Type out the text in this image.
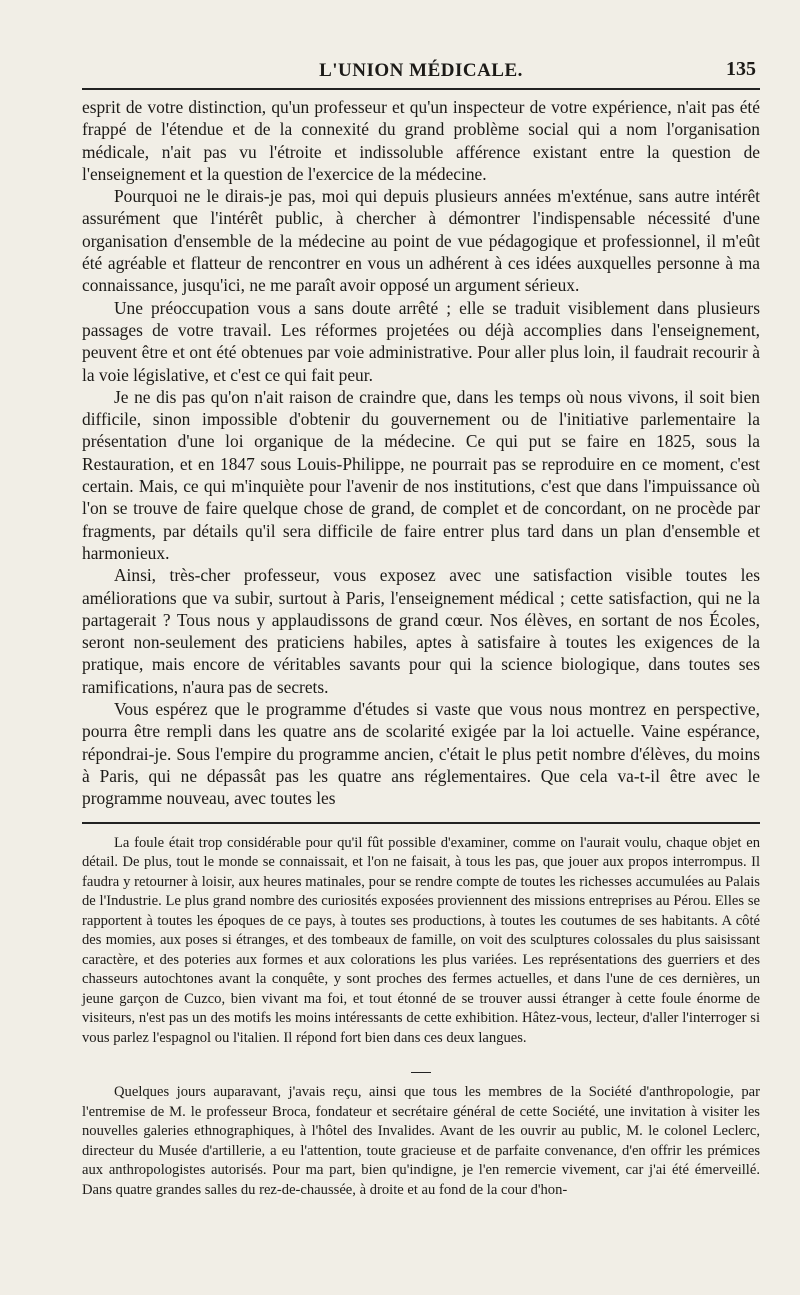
L'UNION MÉDICALE.	135

esprit de votre distinction, qu'un professeur et qu'un inspecteur de votre expérience, n'ait pas été frappé de l'étendue et de la connexité du grand problème social qui a nom l'organisation médicale, n'ait pas vu l'étroite et indissoluble afférence existant entre la question de l'enseignement et la question de l'exercice de la médecine.

Pourquoi ne le dirais-je pas, moi qui depuis plusieurs années m'exténue, sans autre intérêt assurément que l'intérêt public, à chercher à démontrer l'indispensable nécessité d'une organisation d'ensemble de la médecine au point de vue pédagogique et professionnel, il m'eût été agréable et flatteur de rencontrer en vous un adhérent à ces idées auxquelles personne à ma connaissance, jusqu'ici, ne me paraît avoir opposé un argument sérieux.

Une préoccupation vous a sans doute arrêté ; elle se traduit visiblement dans plusieurs passages de votre travail. Les réformes projetées ou déjà accomplies dans l'enseignement, peuvent être et ont été obtenues par voie administrative. Pour aller plus loin, il faudrait recourir à la voie législative, et c'est ce qui fait peur.

Je ne dis pas qu'on n'ait raison de craindre que, dans les temps où nous vivons, il soit bien difficile, sinon impossible d'obtenir du gouvernement ou de l'initiative parlementaire la présentation d'une loi organique de la médecine. Ce qui put se faire en 1825, sous la Restauration, et en 1847 sous Louis-Philippe, ne pourrait pas se reproduire en ce moment, c'est certain. Mais, ce qui m'inquiète pour l'avenir de nos institutions, c'est que dans l'impuissance où l'on se trouve de faire quelque chose de grand, de complet et de concordant, on ne procède par fragments, par détails qu'il sera difficile de faire entrer plus tard dans un plan d'ensemble et harmonieux.

Ainsi, très-cher professeur, vous exposez avec une satisfaction visible toutes les améliorations que va subir, surtout à Paris, l'enseignement médical ; cette satisfaction, qui ne la partagerait ? Tous nous y applaudissons de grand cœur. Nos élèves, en sortant de nos Écoles, seront non-seulement des praticiens habiles, aptes à satisfaire à toutes les exigences de la pratique, mais encore de véritables savants pour qui la science biologique, dans toutes ses ramifications, n'aura pas de secrets.

Vous espérez que le programme d'études si vaste que vous nous montrez en perspective, pourra être rempli dans les quatre ans de scolarité exigée par la loi actuelle. Vaine espérance, répondrai-je. Sous l'empire du programme ancien, c'était le plus petit nombre d'élèves, du moins à Paris, qui ne dépassât pas les quatre ans réglementaires. Que cela va-t-il être avec le programme nouveau, avec toutes les

La foule était trop considérable pour qu'il fût possible d'examiner, comme on l'aurait voulu, chaque objet en détail. De plus, tout le monde se connaissait, et l'on ne faisait, à tous les pas, que jouer aux propos interrompus. Il faudra y retourner à loisir, aux heures matinales, pour se rendre compte de toutes les richesses accumulées au Palais de l'Industrie. Le plus grand nombre des curiosités exposées proviennent des missions entreprises au Pérou. Elles se rapportent à toutes les époques de ce pays, à toutes ses productions, à toutes les coutumes de ses habitants. A côté des momies, aux poses si étranges, et des tombeaux de famille, on voit des sculptures colossales du plus saisissant caractère, et des poteries aux formes et aux colorations les plus variées. Les représentations des guerriers et des chasseurs autochtones avant la conquête, y sont proches des fermes actuelles, et dans l'une de ces dernières, un jeune garçon de Cuzco, bien vivant ma foi, et tout étonné de se trouver aussi étranger à cette foule énorme de visiteurs, n'est pas un des motifs les moins intéressants de cette exhibition. Hâtez-vous, lecteur, d'aller l'interroger si vous parlez l'espagnol ou l'italien. Il répond fort bien dans ces deux langues.

Quelques jours auparavant, j'avais reçu, ainsi que tous les membres de la Société d'anthropologie, par l'entremise de M. le professeur Broca, fondateur et secrétaire général de cette Société, une invitation à visiter les nouvelles galeries ethnographiques, à l'hôtel des Invalides. Avant de les ouvrir au public, M. le colonel Leclerc, directeur du Musée d'artillerie, a eu l'attention, toute gracieuse et de parfaite convenance, d'en offrir les prémices aux anthropologistes autorisés. Pour ma part, bien qu'indigne, je l'en remercie vivement, car j'ai été émerveillé. Dans quatre grandes salles du rez-de-chaussée, à droite et au fond de la cour d'hon-
